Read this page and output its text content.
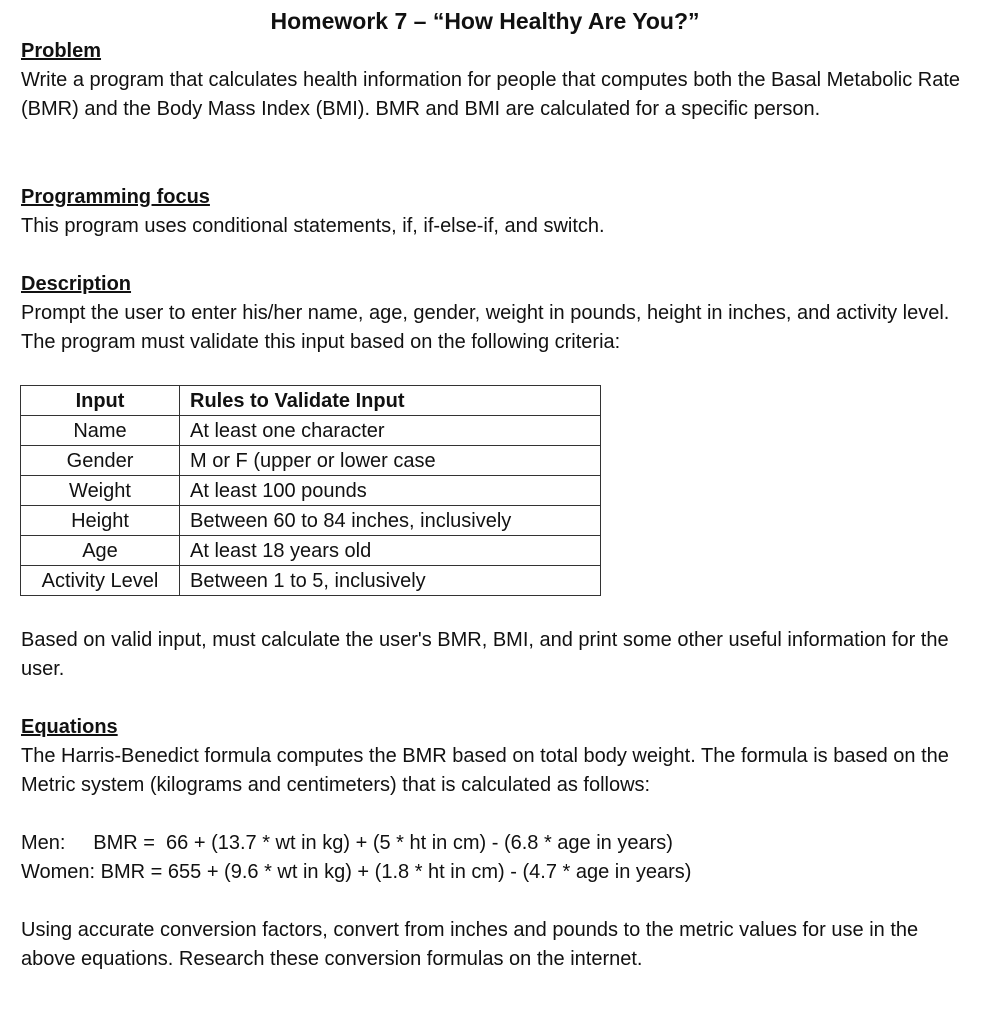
Homework 7 – “How Healthy Are You?”
Problem

Write a program that calculates health information for people that computes both the Basal Metabolic Rate (BMR) and the Body Mass Index (BMI). BMR and BMI are calculated for a specific person.

Programming focus

This program uses conditional statements, if, if-else-if, and switch.

Description

Prompt the user to enter his/her name, age, gender, weight in pounds, height in inches, and activity level. The program must validate this input based on the following criteria:

Input	Rules to Validate Input
Name	At least one character
Gender	M or F (upper or lower case
Weight	At least 100 pounds
Height	Between 60 to 84 inches, inclusively
Age	At least 18 years old
Activity Level	Between 1 to 5, inclusively

Based on valid input, must calculate the user's BMR, BMI, and print some other useful information for the user.

Equations

The Harris-Benedict formula computes the BMR based on total body weight. The formula is based on the Metric system (kilograms and centimeters) that is calculated as follows:

Men:     BMR =  66 + (13.7 * wt in kg) + (5 * ht in cm) - (6.8 * age in years)

Women: BMR = 655 + (9.6 * wt in kg) + (1.8 * ht in cm) - (4.7 * age in years)

Using accurate conversion factors, convert from inches and pounds to the metric values for use in the above equations. Research these conversion formulas on the internet.
